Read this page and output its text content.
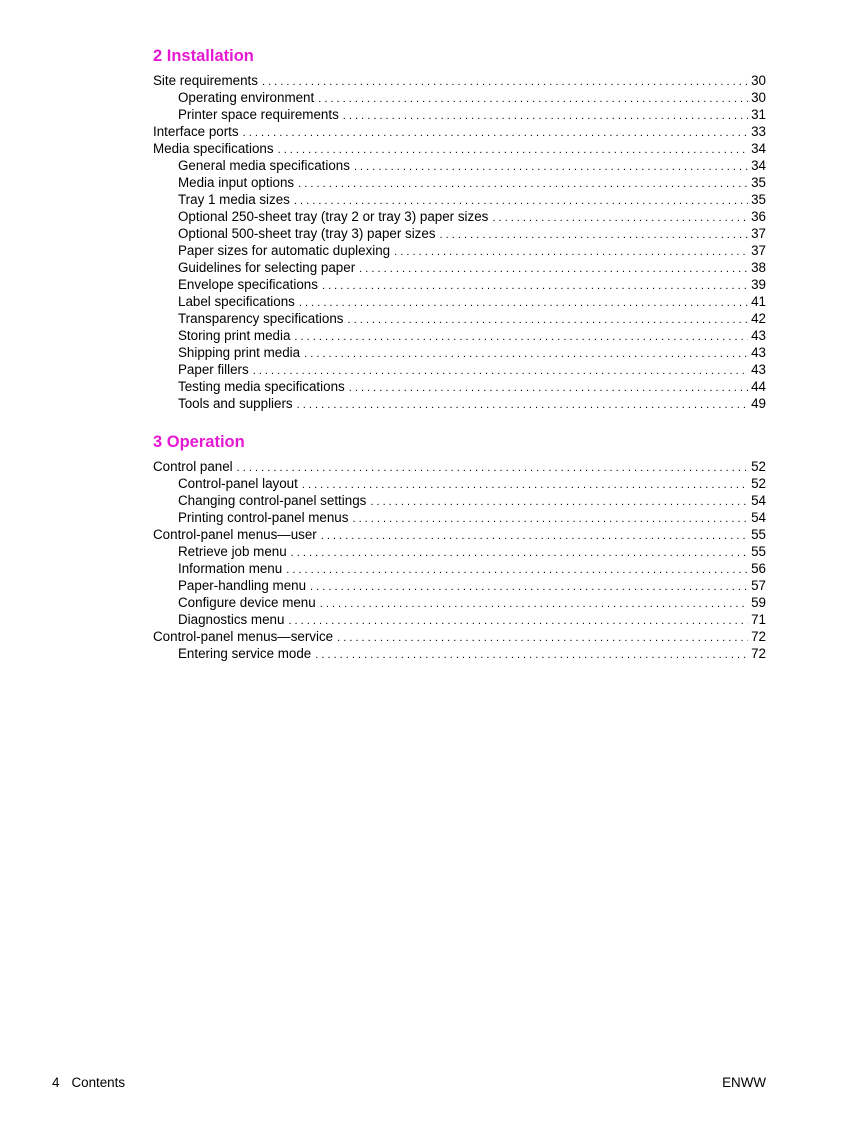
2 Installation
Site requirements . . .	30
Operating environment . . .	30
Printer space requirements . . .	31
Interface ports . . .	33
Media specifications . . .	34
General media specifications . . .	34
Media input options . . .	35
Tray 1 media sizes . . .	35
Optional 250-sheet tray (tray 2 or tray 3) paper sizes . . .	36
Optional 500-sheet tray (tray 3) paper sizes . . .	37
Paper sizes for automatic duplexing . . .	37
Guidelines for selecting paper . . .	38
Envelope specifications . . .	39
Label specifications . . .	41
Transparency specifications . . .	42
Storing print media . . .	43
Shipping print media . . .	43
Paper fillers . . .	43
Testing media specifications . . .	44
Tools and suppliers . . .	49
3 Operation
Control panel . . .	52
Control-panel layout . . .	52
Changing control-panel settings . . .	54
Printing control-panel menus . . .	54
Control-panel menus—user . . .	55
Retrieve job menu . . .	55
Information menu . . .	56
Paper-handling menu . . .	57
Configure device menu . . .	59
Diagnostics menu . . .	71
Control-panel menus—service . . .	72
Entering service mode . . .	72
4 Contents	ENWW
